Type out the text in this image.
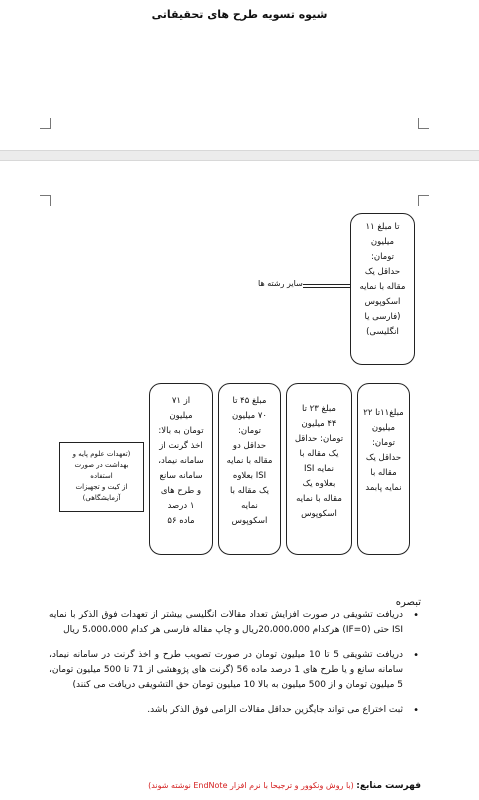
شیوه تسویه طرح های تحقیقاتی
تا مبلغ ۱۱
میلیون
تومان:
حداقل یک
مقاله با نمایه
اسکوپوس
(فارسی یا
انگلیسی)
سایر رشته ها
مبلغ۱۱تا ۲۲
میلیون
تومان:
حداقل یک
مقاله با
نمایه پابمد
مبلغ ۲۳ تا
۴۴ میلیون
تومان: حداقل
یک مقاله با
نمایه ISI
بعلاوه یک
مقاله با نمایه
اسکوپوس
مبلغ ۴۵ تا
۷۰ میلیون
تومان:
حداقل دو
مقاله با نمایه
ISI بعلاوه
یک مقاله با
نمایه
اسکوپوس
از ۷۱
میلیون
تومان به بالا:
اخذ گرنت از
سامانه نیماد،
سامانه سانع
و طرح های
۱ درصد
ماده ۵۶
(تعهدات علوم پایه و
بهداشت در صورت استفاده
از کیت و تجهیزات
آزمایشگاهی)
تبصره
•
دریافت تشویقی در صورت افزایش تعداد مقالات انگلیسی بیشتر از تعهدات فوق الذکر با نمایه ISI حتی (IF=0) هرکدام 20،000،000ریال و چاپ مقاله فارسی هر کدام 5،000،000 ریال
•
دریافت تشویقی 5 تا 10 میلیون تومان در صورت تصویب طرح و اخذ گرنت در سامانه نیماد، سامانه سانع و یا طرح های 1 درصد ماده 56 (گرنت های پژوهشی از 71 تا 500 میلیون تومان، 5 میلیون تومان و از 500 میلیون به بالا 10 میلیون تومان حق التشویقی دریافت می کنند)
•
ثبت اختراع می تواند جایگزین حداقل مقالات الزامی فوق الذکر باشد.
فهرست منابع: (با روش ونکوور و ترجیحا با نرم افزار EndNote نوشته شوند)
